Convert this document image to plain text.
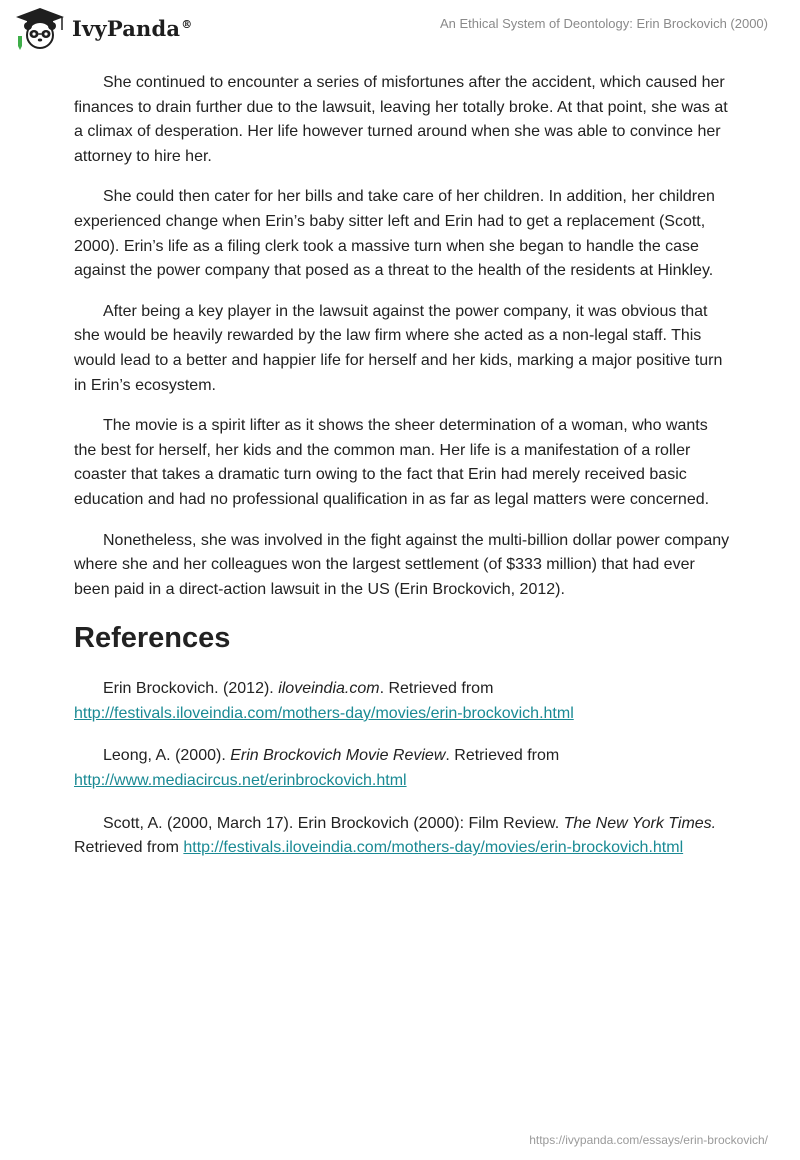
IvyPanda®	An Ethical System of Deontology: Erin Brockovich (2000)

She continued to encounter a series of misfortunes after the accident, which caused her finances to drain further due to the lawsuit, leaving her totally broke. At that point, she was at a climax of desperation. Her life however turned around when she was able to convince her attorney to hire her.

She could then cater for her bills and take care of her children. In addition, her children experienced change when Erin’s baby sitter left and Erin had to get a replacement (Scott, 2000). Erin’s life as a filing clerk took a massive turn when she began to handle the case against the power company that posed as a threat to the health of the residents at Hinkley.

After being a key player in the lawsuit against the power company, it was obvious that she would be heavily rewarded by the law firm where she acted as a non-legal staff. This would lead to a better and happier life for herself and her kids, marking a major positive turn in Erin’s ecosystem.

The movie is a spirit lifter as it shows the sheer determination of a woman, who wants the best for herself, her kids and the common man. Her life is a manifestation of a roller coaster that takes a dramatic turn owing to the fact that Erin had merely received basic education and had no professional qualification in as far as legal matters were concerned.

Nonetheless, she was involved in the fight against the multi-billion dollar power company where she and her colleagues won the largest settlement (of $333 million) that had ever been paid in a direct-action lawsuit in the US (Erin Brockovich, 2012).

References

Erin Brockovich. (2012). iloveindia.com. Retrieved from http://festivals.iloveindia.com/mothers-day/movies/erin-brockovich.html

Leong, A. (2000). Erin Brockovich Movie Review. Retrieved from http://www.mediacircus.net/erinbrockovich.html

Scott, A. (2000, March 17). Erin Brockovich (2000): Film Review. The New York Times. Retrieved from http://festivals.iloveindia.com/mothers-day/movies/erin-brockovich.html

https://ivypanda.com/essays/erin-brockovich/
